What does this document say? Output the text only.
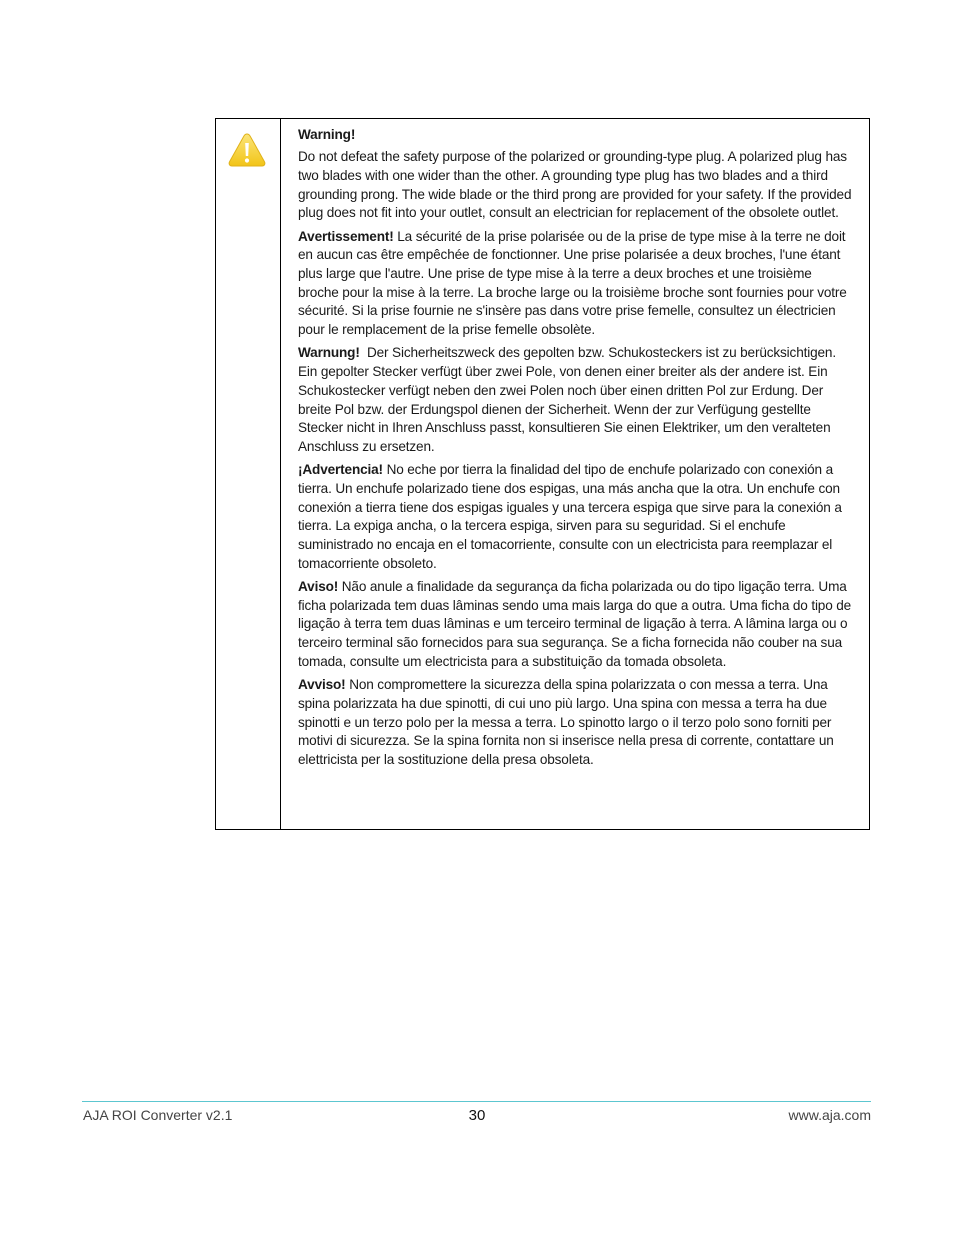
Warning!

Do not defeat the safety purpose of the polarized or grounding-type plug. A polarized plug has two blades with one wider than the other. A grounding type plug has two blades and a third grounding prong. The wide blade or the third prong are provided for your safety. If the provided plug does not fit into your outlet, consult an electrician for replacement of the obsolete outlet.

Avertissement! La sécurité de la prise polarisée ou de la prise de type mise à la terre ne doit en aucun cas être empêchée de fonctionner. Une prise polarisée a deux broches, l'une étant plus large que l'autre. Une prise de type mise à la terre a deux broches et une troisième broche pour la mise à la terre. La broche large ou la troisième broche sont fournies pour votre sécurité. Si la prise fournie ne s'insère pas dans votre prise femelle, consultez un électricien pour le remplacement de la prise femelle obsolète.

Warnung!  Der Sicherheitszweck des gepolten bzw. Schukosteckers ist zu berücksichtigen. Ein gepolter Stecker verfügt über zwei Pole, von denen einer breiter als der andere ist. Ein Schukostecker verfügt neben den zwei Polen noch über einen dritten Pol zur Erdung. Der breite Pol bzw. der Erdungspol dienen der Sicherheit. Wenn der zur Verfügung gestellte Stecker nicht in Ihren Anschluss passt, konsultieren Sie einen Elektriker, um den veralteten Anschluss zu ersetzen.

¡Advertencia! No eche por tierra la finalidad del tipo de enchufe polarizado con conexión a tierra. Un enchufe polarizado tiene dos espigas, una más ancha que la otra. Un enchufe con conexión a tierra tiene dos espigas iguales y una tercera espiga que sirve para la conexión a tierra. La expiga ancha, o la tercera espiga, sirven para su seguridad. Si el enchufe suministrado no encaja en el tomacorriente, consulte con un electricista para reemplazar el tomacorriente obsoleto.

Aviso! Não anule a finalidade da segurança da ficha polarizada ou do tipo ligação terra. Uma ficha polarizada tem duas lâminas sendo uma mais larga do que a outra. Uma ficha do tipo de ligação à terra tem duas lâminas e um terceiro terminal de ligação à terra. A lâmina larga ou o terceiro terminal são fornecidos para sua segurança. Se a ficha fornecida não couber na sua tomada, consulte um electricista para a substituição da tomada obsoleta.

Avviso! Non compromettere la sicurezza della spina polarizzata o con messa a terra. Una spina polarizzata ha due spinotti, di cui uno più largo. Una spina con messa a terra ha due spinotti e un terzo polo per la messa a terra. Lo spinotto largo o il terzo polo sono forniti per motivi di sicurezza. Se la spina fornita non si inserisce nella presa di corrente, contattare un elettricista per la sostituzione della presa obsoleta.

AJA ROI Converter v2.1	30	www.aja.com
